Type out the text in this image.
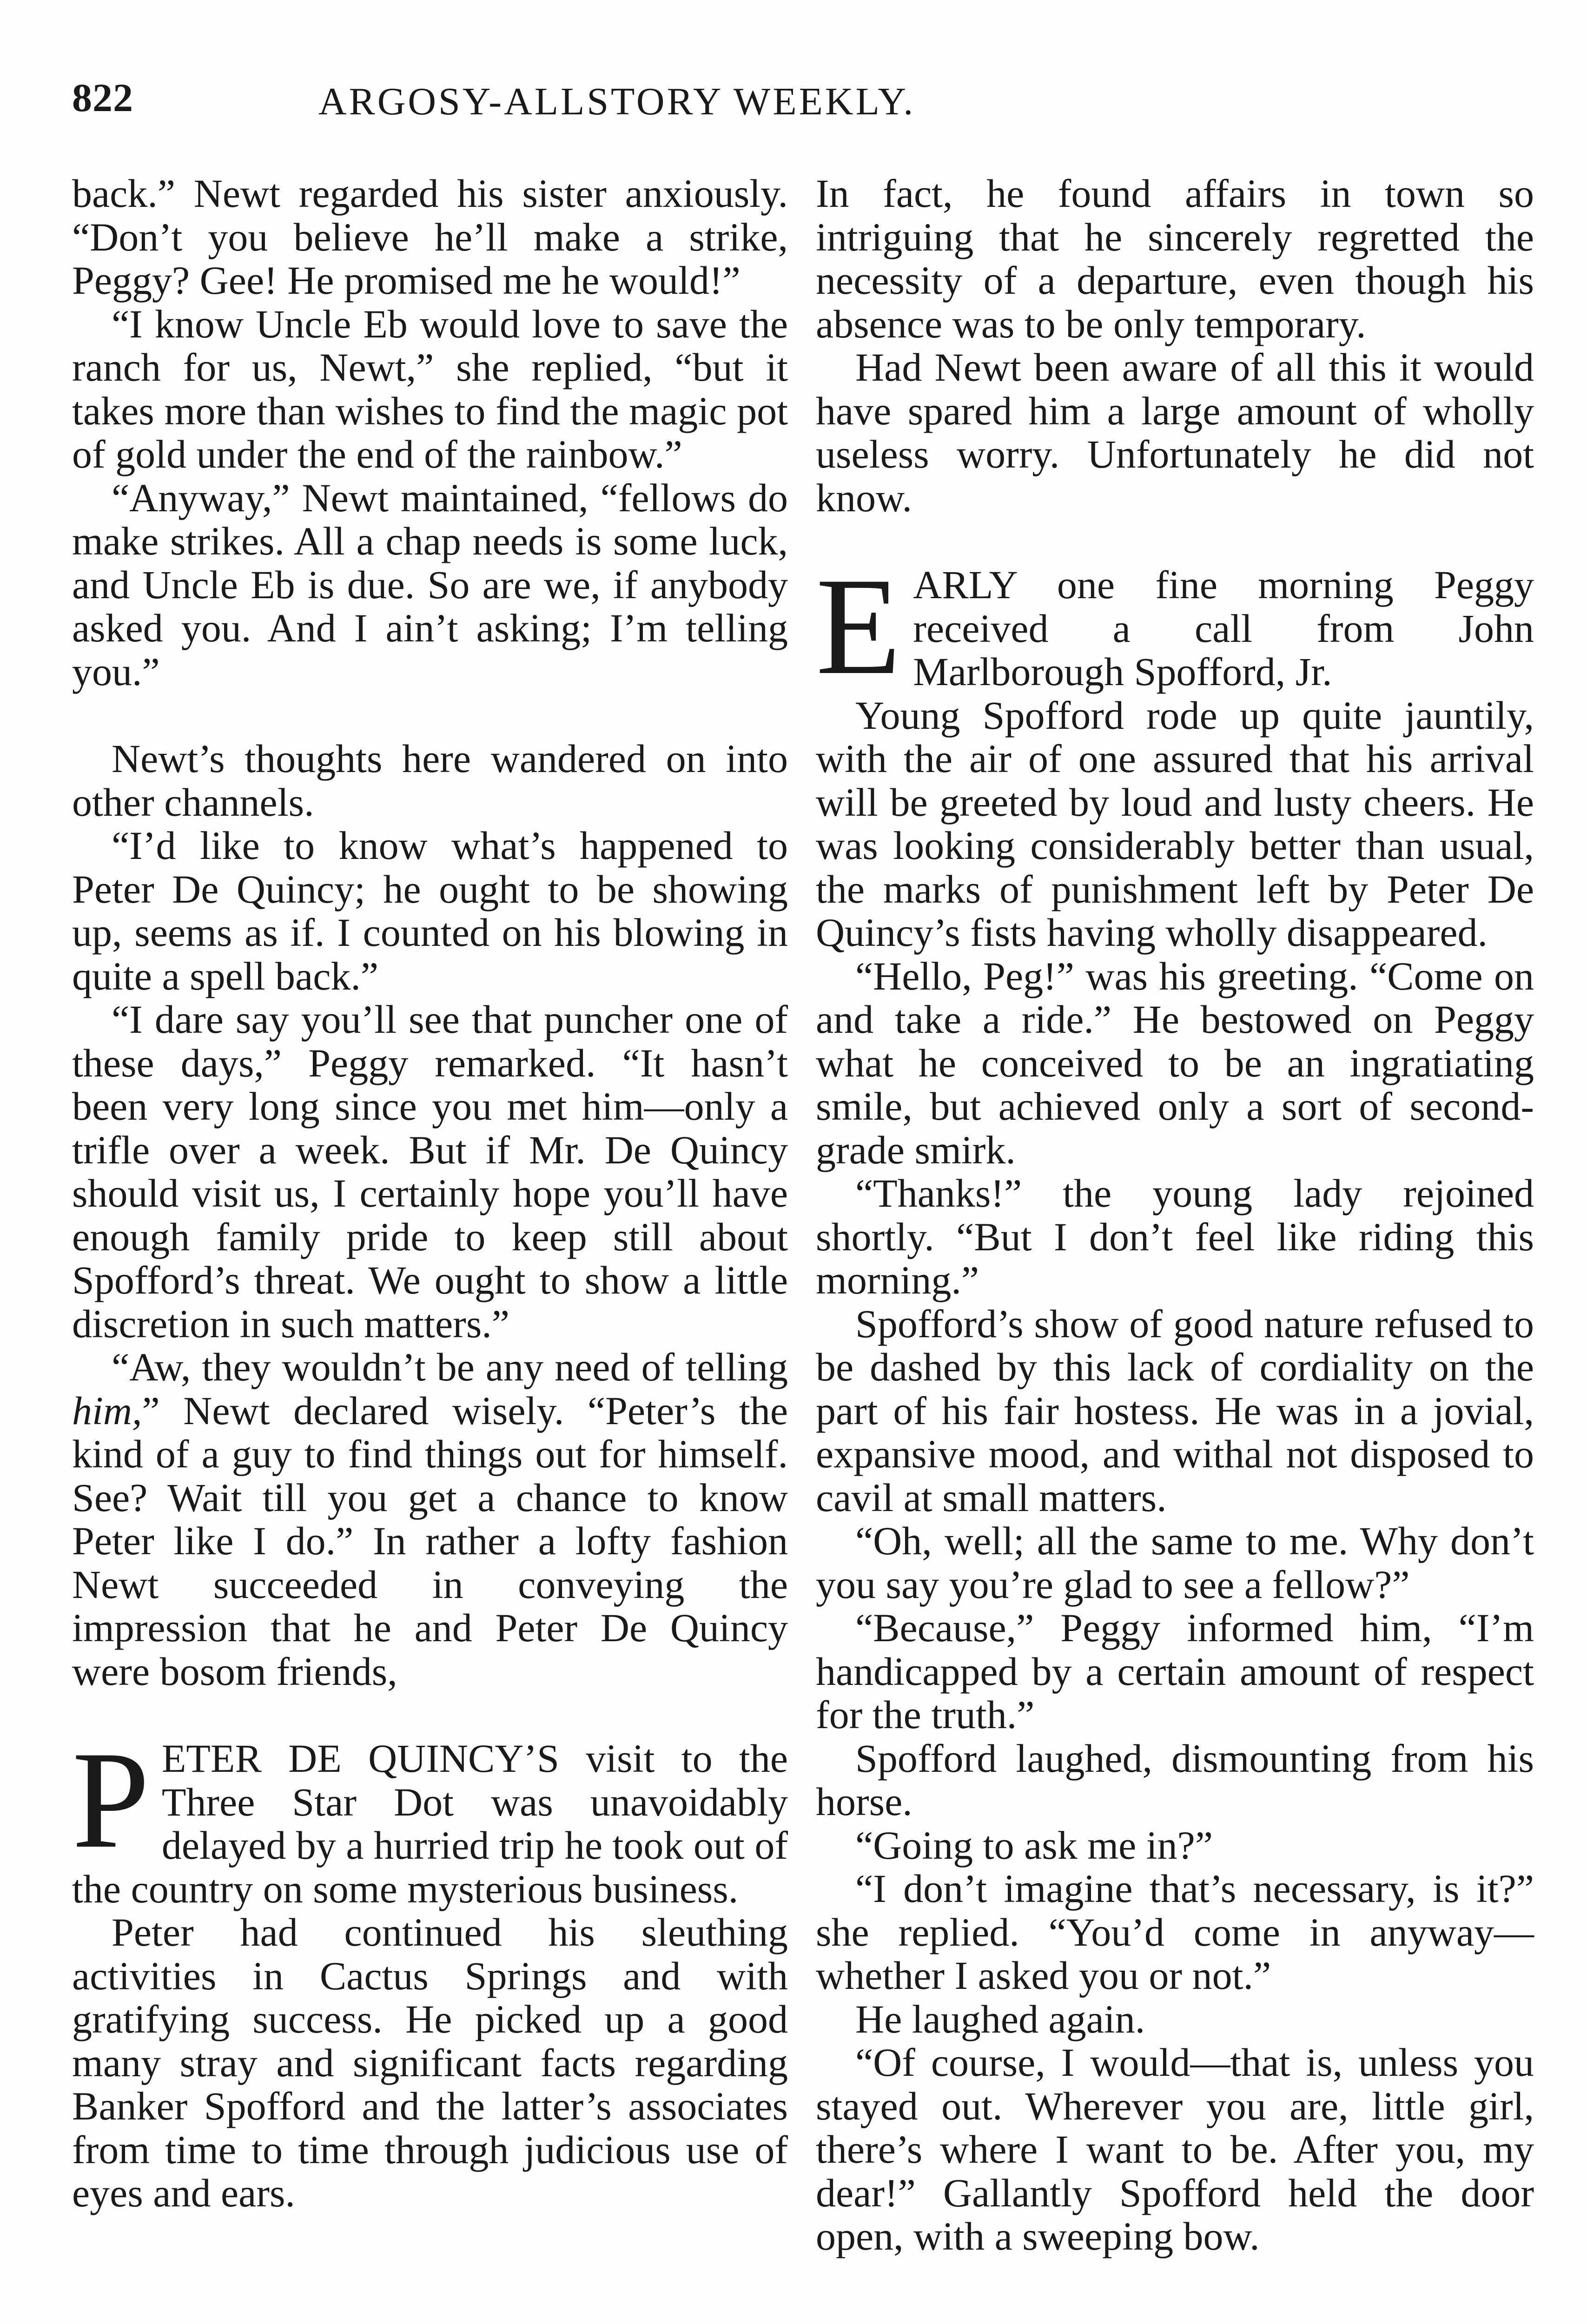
822	ARGOSY-ALLSTORY WEEKLY.

back.” Newt regarded his sister anxiously. “Don’t you believe he’ll make a strike, Peggy? Gee! He promised me he would!”

“I know Uncle Eb would love to save the ranch for us, Newt,” she replied, “but it takes more than wishes to find the magic pot of gold under the end of the rainbow.”

“Anyway,” Newt maintained, “fellows do make strikes. All a chap needs is some luck, and Uncle Eb is due. So are we, if anybody asked you. And I ain’t asking; I’m telling you.”

Newt’s thoughts here wandered on into other channels.

“I’d like to know what’s happened to Peter De Quincy; he ought to be showing up, seems as if. I counted on his blowing in quite a spell back.”

“I dare say you’ll see that puncher one of these days,” Peggy remarked. “It hasn’t been very long since you met him—only a trifle over a week. But if Mr. De Quincy should visit us, I certainly hope you’ll have enough family pride to keep still about Spofford’s threat. We ought to show a little discretion in such matters.”

“Aw, they wouldn’t be any need of telling him,” Newt declared wisely. “Peter’s the kind of a guy to find things out for himself. See? Wait till you get a chance to know Peter like I do.” In rather a lofty fashion Newt succeeded in conveying the impression that he and Peter De Quincy were bosom friends,

PETER DE QUINCY’S visit to the Three Star Dot was unavoidably delayed by a hurried trip he took out of the country on some mysterious business.

Peter had continued his sleuthing activities in Cactus Springs and with gratifying success. He picked up a good many stray and significant facts regarding Banker Spofford and the latter’s associates from time to time through judicious use of eyes and ears.

In fact, he found affairs in town so intriguing that he sincerely regretted the necessity of a departure, even though his absence was to be only temporary.

Had Newt been aware of all this it would have spared him a large amount of wholly useless worry. Unfortunately he did not know.

EARLY one fine morning Peggy received a call from John Marlborough Spofford, Jr.

Young Spofford rode up quite jauntily, with the air of one assured that his arrival will be greeted by loud and lusty cheers. He was looking considerably better than usual, the marks of punishment left by Peter De Quincy’s fists having wholly disappeared.

“Hello, Peg!” was his greeting. “Come on and take a ride.” He bestowed on Peggy what he conceived to be an ingratiating smile, but achieved only a sort of second-grade smirk.

“Thanks!” the young lady rejoined shortly. “But I don’t feel like riding this morning.”

Spofford’s show of good nature refused to be dashed by this lack of cordiality on the part of his fair hostess. He was in a jovial, expansive mood, and withal not disposed to cavil at small matters.

“Oh, well; all the same to me. Why don’t you say you’re glad to see a fellow?”

“Because,” Peggy informed him, “I’m handicapped by a certain amount of respect for the truth.”

Spofford laughed, dismounting from his horse.

“Going to ask me in?”

“I don’t imagine that’s necessary, is it?” she replied. “You’d come in anyway—whether I asked you or not.”

He laughed again.

“Of course, I would—that is, unless you stayed out. Wherever you are, little girl, there’s where I want to be. After you, my dear!” Gallantly Spofford held the door open, with a sweeping bow.
